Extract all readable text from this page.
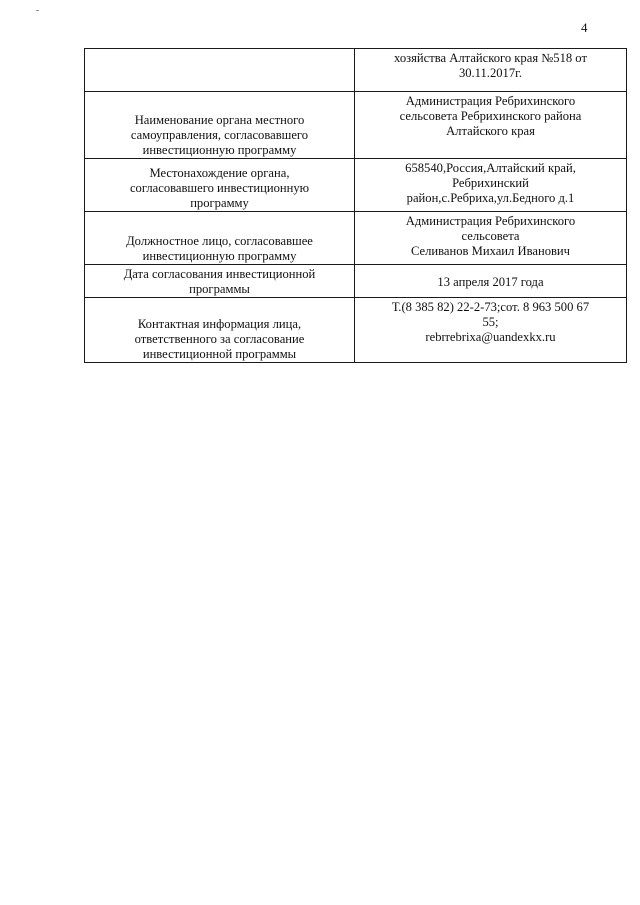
4

	хозяйства Алтайского края №518 от
30.11.2017г.

Наименование органа местного
самоуправления, согласовавшего
инвестиционную программу	Администрация Ребрихинского
сельсовета Ребрихинского района
Алтайского края

Местонахождение органа,
согласовавшего инвестиционную
программу	658540,Россия,Алтайский край,
Ребрихинский
район,с.Ребриха,ул.Бедного д.1

Должностное лицо, согласовавшее
инвестиционную программу	Администрация Ребрихинского
сельсовета
Селиванов Михаил Иванович

Дата согласования инвестиционной
программы	13 апреля 2017 года

Контактная информация лица,
ответственного за согласование
инвестиционной программы	Т.(8 385 82) 22-2-73;сот. 8 963 500 67
55;
rebrrebrixa@uandexkx.ru
